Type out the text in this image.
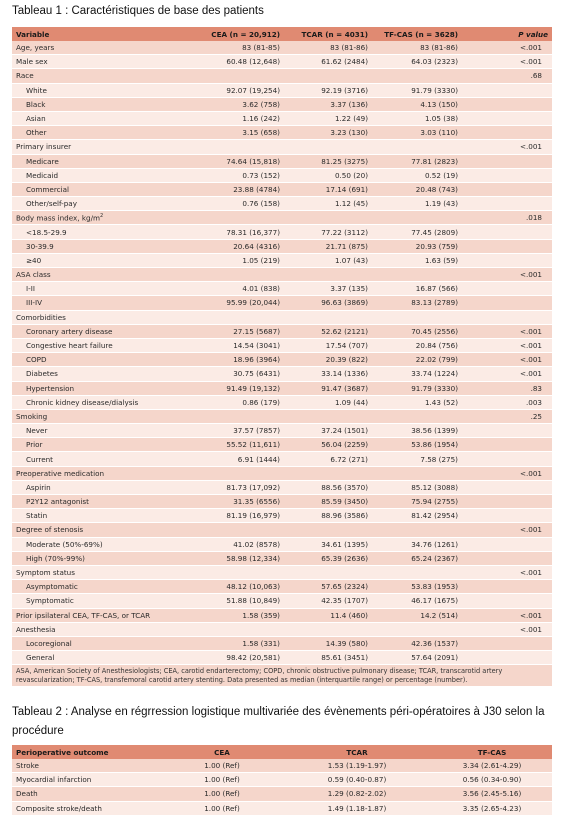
Tableau 1 : Caractéristiques de base des patients
Variable	CEA (n = 20,912)	TCAR (n = 4031)	TF-CAS (n = 3628)	P value
Age, years	83 (81-85)	83 (81-86)	83 (81-86)	<.001
Male sex	60.48 (12,648)	61.62 (2484)	64.03 (2323)	<.001
Race				.68
White	92.07 (19,254)	92.19 (3716)	91.79 (3330)	
Black	3.62 (758)	3.37 (136)	4.13 (150)	
Asian	1.16 (242)	1.22 (49)	1.05 (38)	
Other	3.15 (658)	3.23 (130)	3.03 (110)	
Primary insurer				<.001
Medicare	74.64 (15,818)	81.25 (3275)	77.81 (2823)	
Medicaid	0.73 (152)	0.50 (20)	0.52 (19)	
Commercial	23.88 (4784)	17.14 (691)	20.48 (743)	
Other/self-pay	0.76 (158)	1.12 (45)	1.19 (43)	
Body mass index, $kg/m^2$				.018
<18.5-29.9	78.31 (16,377)	77.22 (3112)	77.45 (2809)	
30-39.9	20.64 (4316)	21.71 (875)	20.93 (759)	
≥40	1.05 (219)	1.07 (43)	1.63 (59)	
ASA class				<.001
I-II	4.01 (838)	3.37 (135)	16.87 (566)	
III-IV	95.99 (20,044)	96.63 (3869)	83.13 (2789)	
Comorbidities				
Coronary artery disease	27.15 (5687)	52.62 (2121)	70.45 (2556)	<.001
Congestive heart failure	14.54 (3041)	17.54 (707)	20.84 (756)	<.001
COPD	18.96 (3964)	20.39 (822)	22.02 (799)	<.001
Diabetes	30.75 (6431)	33.14 (1336)	33.74 (1224)	<.001
Hypertension	91.49 (19,132)	91.47 (3687)	91.79 (3330)	.83
Chronic kidney disease/dialysis	0.86 (179)	1.09 (44)	1.43 (52)	.003
Smoking				.25
Never	37.57 (7857)	37.24 (1501)	38.56 (1399)	
Prior	55.52 (11,611)	56.04 (2259)	53.86 (1954)	
Current	6.91 (1444)	6.72 (271)	7.58 (275)	
Preoperative medication				<.001
Aspirin	81.73 (17,092)	88.56 (3570)	85.12 (3088)	
P2Y12 antagonist	31.35 (6556)	85.59 (3450)	75.94 (2755)	
Statin	81.19 (16,979)	88.96 (3586)	81.42 (2954)	
Degree of stenosis				<.001
Moderate (50%-69%)	41.02 (8578)	34.61 (1395)	34.76 (1261)	
High (70%-99%)	58.98 (12,334)	65.39 (2636)	65.24 (2367)	
Symptom status				<.001
Asymptomatic	48.12 (10,063)	57.65 (2324)	53.83 (1953)	
Symptomatic	51.88 (10,849)	42.35 (1707)	46.17 (1675)	
Prior ipsilateral CEA, TF-CAS, or TCAR	1.58 (359)	11.4 (460)	14.2 (514)	<.001
Anesthesia				<.001
Locoregional	1.58 (331)	14.39 (580)	42.36 (1537)	
General	98.42 (20,581)	85.61 (3451)	57.64 (2091)	
ASA, American Society of Anesthesiologists; CEA, carotid endarterectomy; COPD, chronic obstructive pulmonary disease; TCAR, transcarotid artery revascularization; TF-CAS, transfemoral carotid artery stenting. Data presented as median (interquartile range) or percentage (number).				
Tableau 2 : Analyse en régrression logistique multivariée des évènements péri-opératoires à J30 selon la procédure
Perioperative outcome	CEA	TCAR	TF-CAS
Stroke	1.00 (Ref)	1.53 (1.19-1.97)	3.34 (2.61-4.29)
Myocardial infarction	1.00 (Ref)	0.59 (0.40-0.87)	0.56 (0.34-0.90)
Death	1.00 (Ref)	1.29 (0.82-2.02)	3.56 (2.45-5.16)
Composite stroke/death	1.00 (Ref)	1.49 (1.18-1.87)	3.35 (2.65-4.23)
